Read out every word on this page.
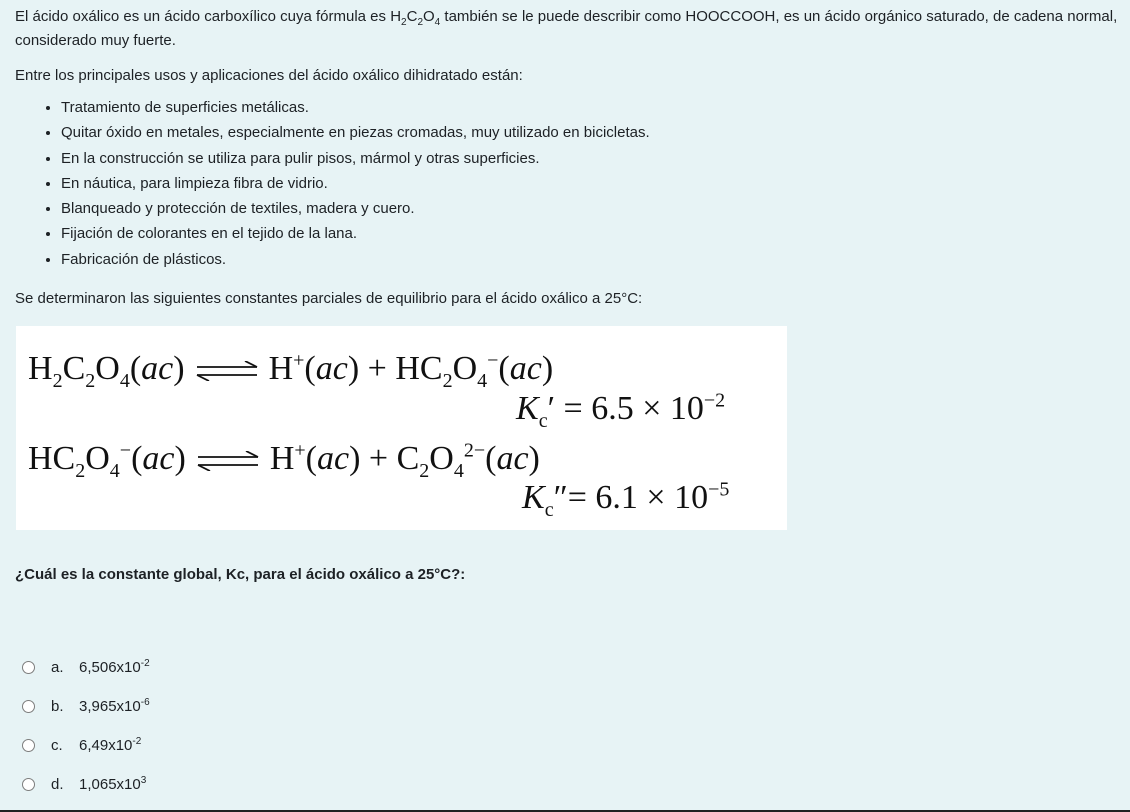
El ácido oxálico es un ácido carboxílico cuya fórmula es $H_2C_2O_4$ también se le puede describir como HOOCCOOH, es un ácido orgánico saturado, de cadena normal, considerado muy fuerte.

Entre los principales usos y aplicaciones del ácido oxálico dihidratado están:

• Tratamiento de superficies metálicas.
• Quitar óxido en metales, especialmente en piezas cromadas, muy utilizado en bicicletas.
• En la construcción se utiliza para pulir pisos, mármol y otras superficies.
• En náutica, para limpieza fibra de vidrio.
• Blanqueado y protección de textiles, madera y cuero.
• Fijación de colorantes en el tejido de la lana.
• Fabricación de plásticos.

Se determinaron las siguientes constantes parciales de equilibrio para el ácido oxálico a 25°C:

$H_2C_2O_4(ac)$ ⇌ $H^+(ac) + HC_2O_4^-(ac)$
$K_c' = 6.5 \times 10^{-2}$
$HC_2O_4^-(ac)$ ⇌ $H^+(ac) + C_2O_4^{2-}(ac)$
$K_c''= 6.1 \times 10^{-5}$

¿Cuál es la constante global, Kc, para el ácido oxálico a 25°C?:

a.	$6,506x10^{-2}$
b.	$3,965x10^{-6}$
c.	$6,49x10^{-2}$
d.	$1,065x10^3$
